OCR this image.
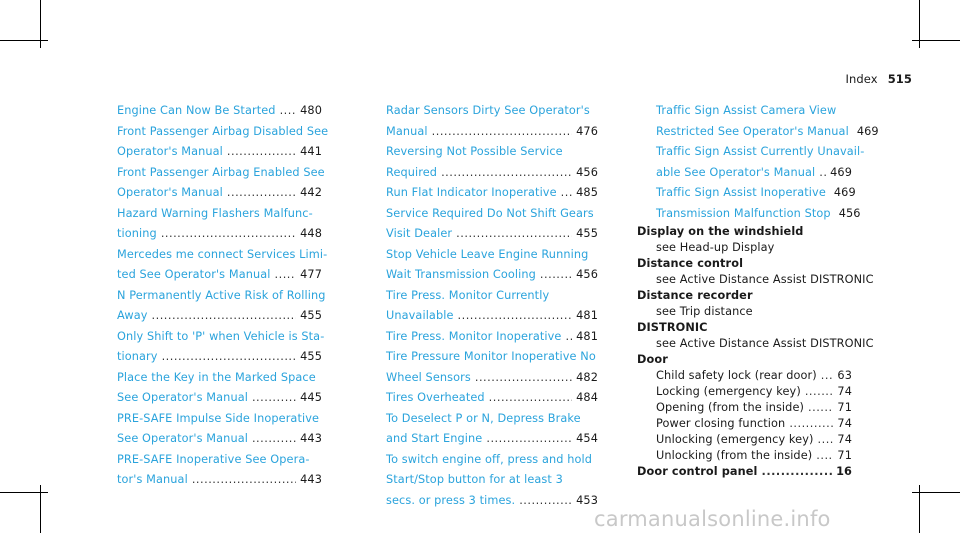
Index 515
Engine Can Now Be Started ..... 480
Front Passenger Airbag Disabled See
Operator's Manual .....	441
Front Passenger Airbag Enabled See
Operator's Manual .....	442
Hazard Warning Flashers Malfunc-
tioning .....	448
Mercedes me connect Services Limi-
ted See Operator's Manual .....	477
N Permanently Active Risk of Rolling
Away .....	455
Only Shift to 'P' when Vehicle is Sta-
tionary .....	455
Place the Key in the Marked Space
See Operator's Manual .....	445
PRE-SAFE Impulse Side Inoperative
See Operator's Manual .....	443
PRE-SAFE Inoperative See Opera-
tor's Manual .....	443
Radar Sensors Dirty See Operator's
Manual .....	476
Reversing Not Possible Service
Required .....	456
Run Flat Indicator Inoperative ..... 485
Service Required Do Not Shift Gears
Visit Dealer .....	455
Stop Vehicle Leave Engine Running
Wait Transmission Cooling .....	456
Tire Press. Monitor Currently
Unavailable .....	481
Tire Press. Monitor Inoperative ..... 481
Tire Pressure Monitor Inoperative No
Wheel Sensors .....	482
Tires Overheated .....	484
To Deselect P or N, Depress Brake
and Start Engine .....	454
To switch engine off, press and hold
Start/Stop button for at least 3
secs. or press 3 times. .....	453
Traffic Sign Assist Camera View
Restricted See Operator's Manual 469
Traffic Sign Assist Currently Unavail-
able See Operator's Manual ..... 469
Traffic Sign Assist Inoperative 469
Transmission Malfunction Stop 456
Display on the windshield
see Head-up Display
Distance control
see Active Distance Assist DISTRONIC
Distance recorder
see Trip distance
DISTRONIC
see Active Distance Assist DISTRONIC
Door
Child safety lock (rear door) ..... 63
Locking (emergency key) .....	74
Opening (from the inside) .....	71
Power closing function .....	74
Unlocking (emergency key) ..... 74
Unlocking (from the inside) ..... 71
Door control panel .....	16
carmanualsonline.info
